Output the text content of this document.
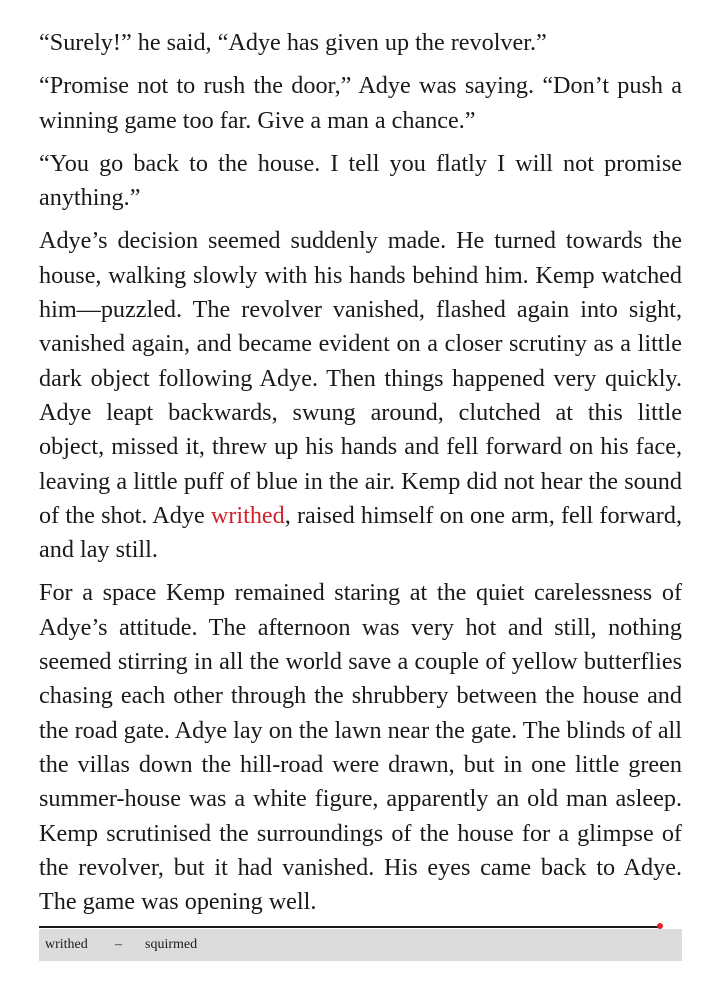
“Surely!” he said, “Adye has given up the revolver.”

“Promise not to rush the door,” Adye was saying. “Don’t push a winning game too far. Give a man a chance.”

“You go back to the house. I tell you flatly I will not promise anything.”

Adye’s decision seemed suddenly made. He turned towards the house, walking slowly with his hands behind him. Kemp watched him—puzzled. The revolver vanished, flashed again into sight, vanished again, and became evident on a closer scrutiny as a little dark object following Adye. Then things happened very quickly. Adye leapt backwards, swung around, clutched at this little object, missed it, threw up his hands and fell forward on his face, leaving a little puff of blue in the air. Kemp did not hear the sound of the shot. Adye writhed, raised himself on one arm, fell forward, and lay still.

For a space Kemp remained staring at the quiet carelessness of Adye’s attitude. The afternoon was very hot and still, nothing seemed stirring in all the world save a couple of yellow butterflies chasing each other through the shrubbery between the house and the road gate. Adye lay on the lawn near the gate. The blinds of all the villas down the hill-road were drawn, but in one little green summer-house was a white figure, apparently an old man asleep. Kemp scrutinised the surroundings of the house for a glimpse of the revolver, but it had vanished. His eyes came back to Adye. The game was opening well.

writhed – squirmed
